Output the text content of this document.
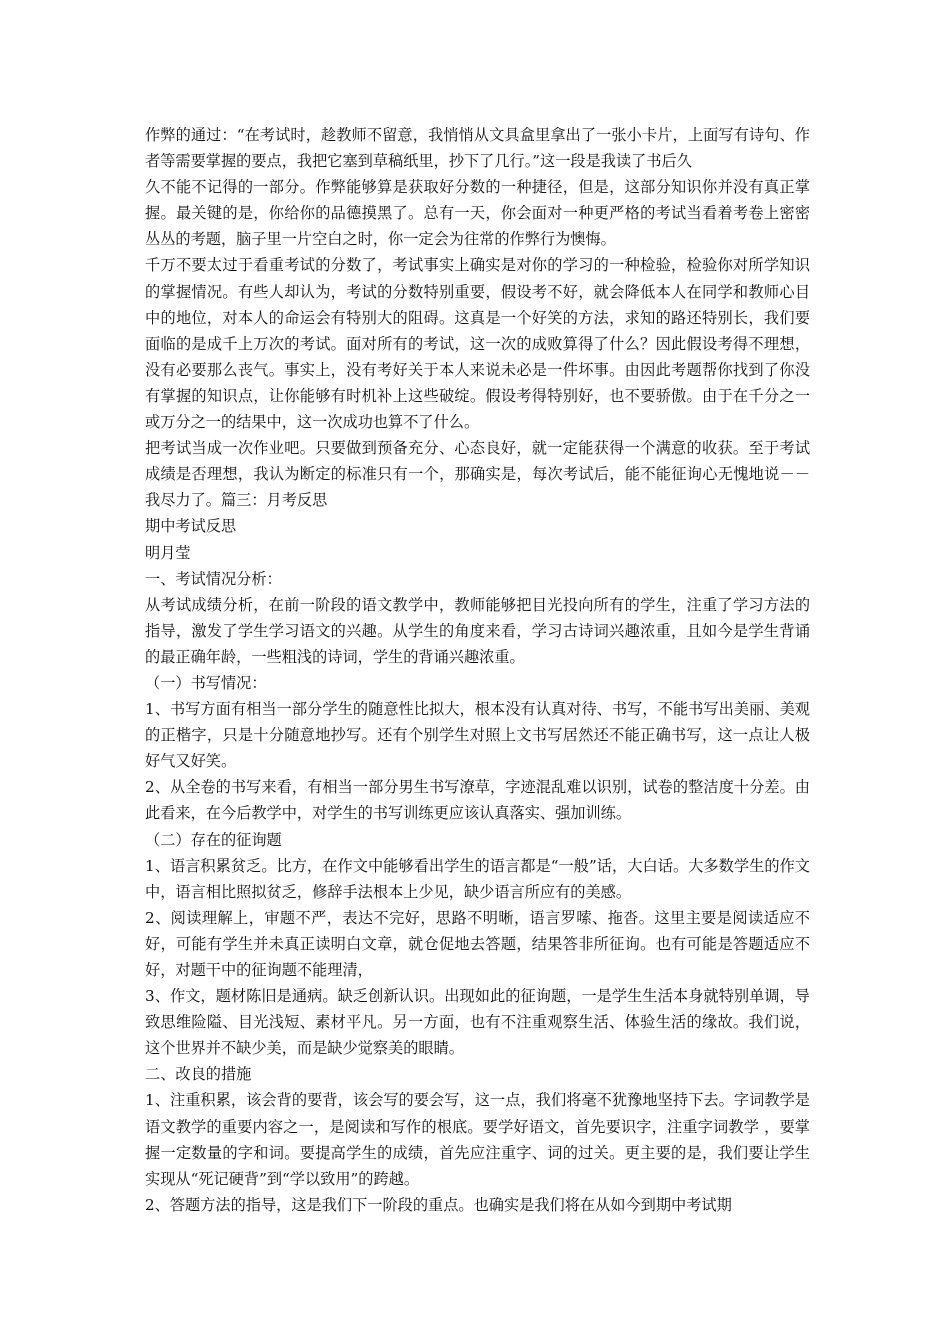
作弊的通过：“在考试时，趁教师不留意，我悄悄从文具盒里拿出了一张小卡片，上面写有诗句、作者等需要掌握的要点，我把它塞到草稿纸里，抄下了几行。”这一段是我读了书后久

久不能不记得的一部分。作弊能够算是获取好分数的一种捷径，但是，这部分知识你并没有真正掌握。最关键的是，你给你的品德摸黑了。总有一天，你会面对一种更严格的考试当看着考卷上密密丛丛的考题，脑子里一片空白之时，你一定会为往常的作弊行为懊悔。

千万不要太过于看重考试的分数了，考试事实上确实是对你的学习的一种检验，检验你对所学知识的掌握情况。有些人却认为，考试的分数特别重要，假设考不好，就会降低本人在同学和教师心目中的地位，对本人的命运会有特别大的阻碍。这真是一个好笑的方法，求知的路还特别长，我们要面临的是成千上万次的考试。面对所有的考试，这一次的成败算得了什么？因此假设考得不理想，没有必要那么丧气。事实上，没有考好关于本人来说未必是一件坏事。由因此考题帮你找到了你没有掌握的知识点，让你能够有时机补上这些破绽。假设考得特别好，也不要骄傲。由于在千分之一或万分之一的结果中，这一次成功也算不了什么。

把考试当成一次作业吧。只要做到预备充分、心态良好，就一定能获得一个满意的收获。至于考试成绩是否理想，我认为断定的标准只有一个，那确实是，每次考试后，能不能征询心无愧地说－－我尽力了。篇三：月考反思

期中考试反思

明月莹

一、考试情况分析：

从考试成绩分析，在前一阶段的语文教学中，教师能够把目光投向所有的学生，注重了学习方法的指导，激发了学生学习语文的兴趣。从学生的角度来看，学习古诗词兴趣浓重，且如今是学生背诵的最正确年龄，一些粗浅的诗词，学生的背诵兴趣浓重。

（一）书写情况：

1、书写方面有相当一部分学生的随意性比拟大，根本没有认真对待、书写，不能书写出美丽、美观的正楷字，只是十分随意地抄写。还有个别学生对照上文书写居然还不能正确书写，这一点让人极好气又好笑。

2、从全卷的书写来看，有相当一部分男生书写潦草，字迹混乱难以识别，试卷的整洁度十分差。由此看来，在今后教学中，对学生的书写训练更应该认真落实、强加训练。

（二）存在的征询题

1、语言积累贫乏。比方，在作文中能够看出学生的语言都是“一般”话，大白话。大多数学生的作文中，语言相比照拟贫乏，修辞手法根本上少见，缺少语言所应有的美感。

2、阅读理解上，审题不严，表达不完好，思路不明晰，语言罗嗦、拖沓。这里主要是阅读适应不好，可能有学生并未真正读明白文章，就仓促地去答题，结果答非所征询。也有可能是答题适应不好，对题干中的征询题不能理清，

3、作文，题材陈旧是通病。缺乏创新认识。出现如此的征询题，一是学生生活本身就特别单调，导致思维险隘、目光浅短、素材平凡。另一方面，也有不注重观察生活、体验生活的缘故。我们说，这个世界并不缺少美，而是缺少觉察美的眼睛。

二、改良的措施

1、注重积累，该会背的要背，该会写的要会写，这一点，我们将毫不犹豫地坚持下去。字词教学是语文教学的重要内容之一，是阅读和写作的根底。要学好语文，首先要识字，注重字词教学 ，要掌握一定数量的字和词。要提高学生的成绩，首先应注重字、词的过关。更主要的是，我们要让学生实现从“死记硬背”到“学以致用”的跨越。

2、答题方法的指导，这是我们下一阶段的重点。也确实是我们将在从如今到期中考试期
